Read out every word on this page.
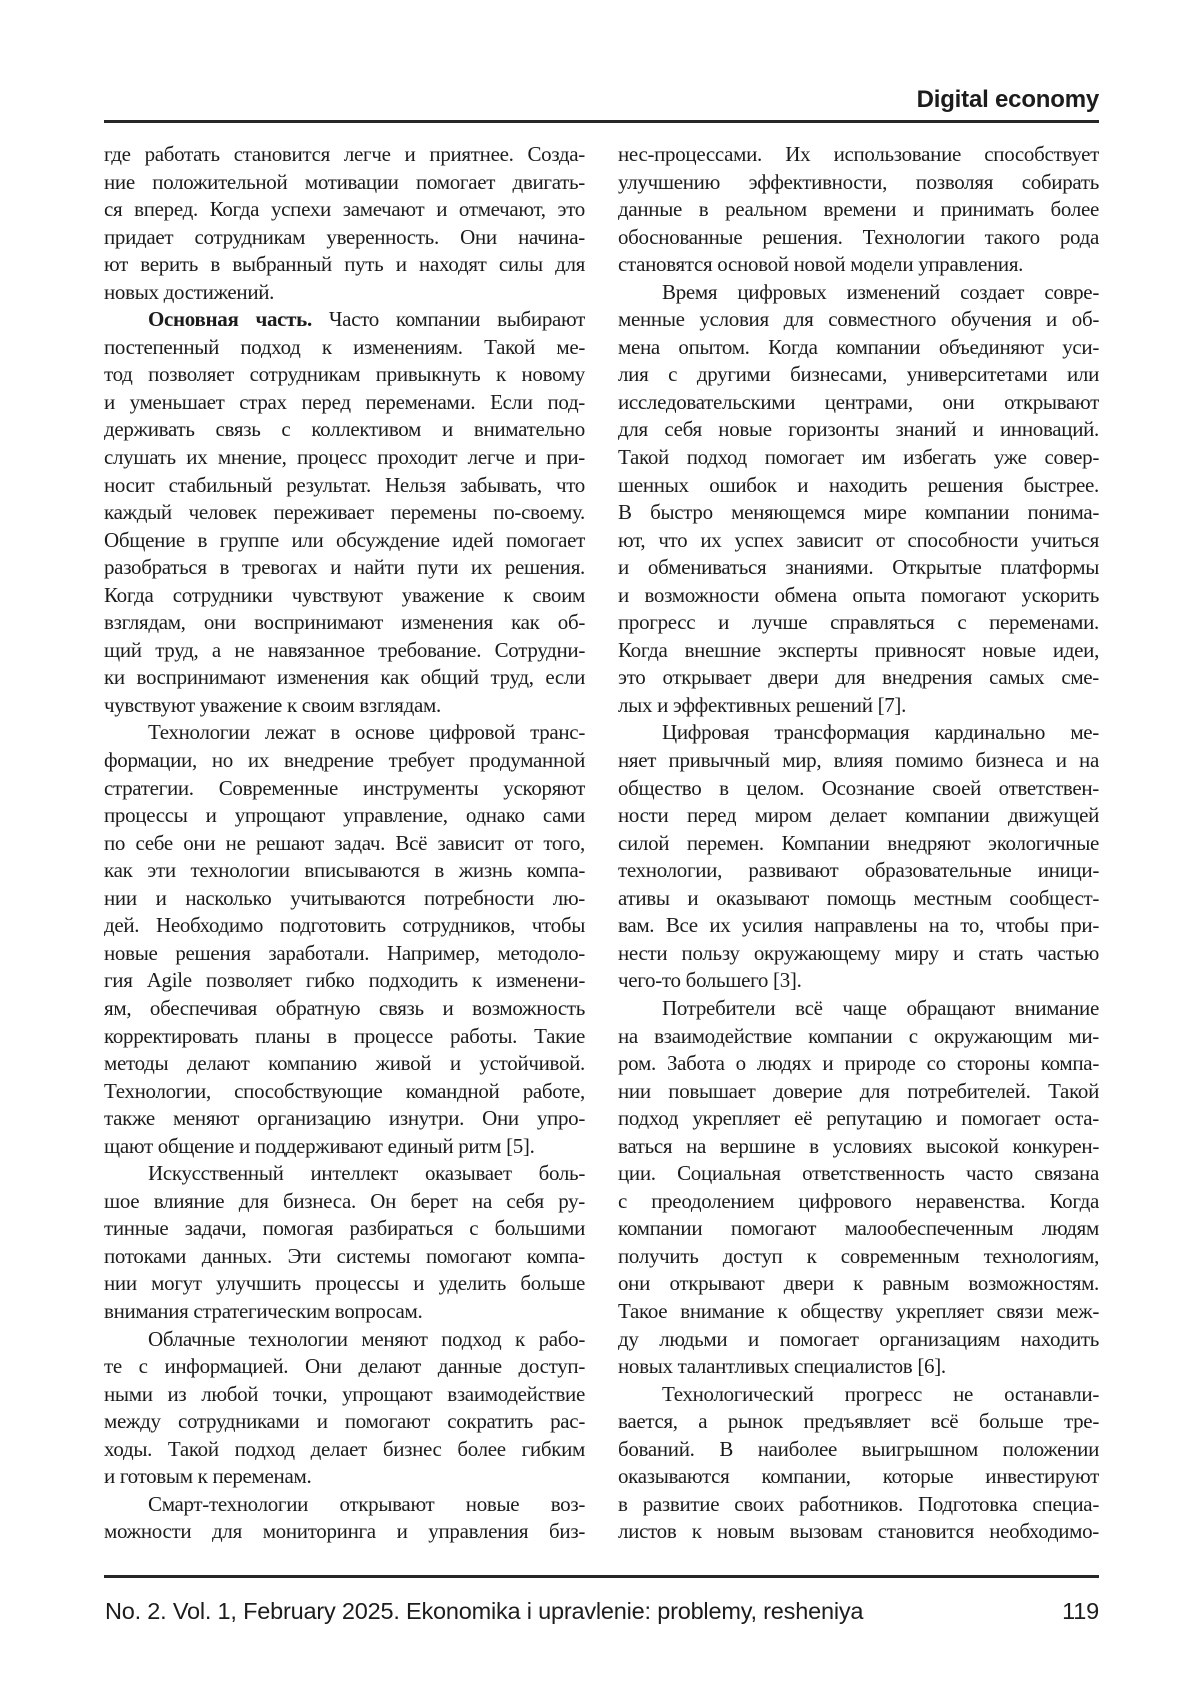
Digital economy
где работать становится легче и приятнее. Созда-
ние положительной мотивации помогает двигать-
ся вперед. Когда успехи замечают и отмечают, это
придает сотрудникам уверенность. Они начина-
ют верить в выбранный путь и находят силы для
новых достижений.
Основная часть. Часто компании выбирают
постепенный подход к изменениям. Такой ме-
тод позволяет сотрудникам привыкнуть к новому
и уменьшает страх перед переменами. Если под-
держивать связь с коллективом и внимательно
слушать их мнение, процесс проходит легче и при-
носит стабильный результат. Нельзя забывать, что
каждый человек переживает перемены по-своему.
Общение в группе или обсуждение идей помогает
разобраться в тревогах и найти пути их решения.
Когда сотрудники чувствуют уважение к своим
взглядам, они воспринимают изменения как об-
щий труд, а не навязанное требование. Сотрудни-
ки воспринимают изменения как общий труд, если
чувствуют уважение к своим взглядам.
Технологии лежат в основе цифровой транс-
формации, но их внедрение требует продуманной
стратегии. Современные инструменты ускоряют
процессы и упрощают управление, однако сами
по себе они не решают задач. Всё зависит от того,
как эти технологии вписываются в жизнь компа-
нии и насколько учитываются потребности лю-
дей. Необходимо подготовить сотрудников, чтобы
новые решения заработали. Например, методоло-
гия Agile позволяет гибко подходить к изменени-
ям, обеспечивая обратную связь и возможность
корректировать планы в процессе работы. Такие
методы делают компанию живой и устойчивой.
Технологии, способствующие командной работе,
также меняют организацию изнутри. Они упро-
щают общение и поддерживают единый ритм [5].
Искусственный интеллект оказывает боль-
шое влияние для бизнеса. Он берет на себя ру-
тинные задачи, помогая разбираться с большими
потоками данных. Эти системы помогают компа-
нии могут улучшить процессы и уделить больше
внимания стратегическим вопросам.
Облачные технологии меняют подход к рабо-
те с информацией. Они делают данные доступ-
ными из любой точки, упрощают взаимодействие
между сотрудниками и помогают сократить рас-
ходы. Такой подход делает бизнес более гибким
и готовым к переменам.
Смарт-технологии открывают новые воз-
можности для мониторинга и управления биз-
нес-процессами. Их использование способствует
улучшению эффективности, позволяя собирать
данные в реальном времени и принимать более
обоснованные решения. Технологии такого рода
становятся основой новой модели управления.
Время цифровых изменений создает совре-
менные условия для совместного обучения и об-
мена опытом. Когда компании объединяют уси-
лия с другими бизнесами, университетами или
исследовательскими центрами, они открывают
для себя новые горизонты знаний и инноваций.
Такой подход помогает им избегать уже совер-
шенных ошибок и находить решения быстрее.
В быстро меняющемся мире компании понима-
ют, что их успех зависит от способности учиться
и обмениваться знаниями. Открытые платформы
и возможности обмена опыта помогают ускорить
прогресс и лучше справляться с переменами.
Когда внешние эксперты привносят новые идеи,
это открывает двери для внедрения самых сме-
лых и эффективных решений [7].
Цифровая трансформация кардинально ме-
няет привычный мир, влияя помимо бизнеса и на
общество в целом. Осознание своей ответствен-
ности перед миром делает компании движущей
силой перемен. Компании внедряют экологичные
технологии, развивают образовательные иници-
ативы и оказывают помощь местным сообщест-
вам. Все их усилия направлены на то, чтобы при-
нести пользу окружающему миру и стать частью
чего-то большего [3].
Потребители всё чаще обращают внимание
на взаимодействие компании с окружающим ми-
ром. Забота о людях и природе со стороны компа-
нии повышает доверие для потребителей. Такой
подход укрепляет её репутацию и помогает оста-
ваться на вершине в условиях высокой конкурен-
ции. Социальная ответственность часто связана
с преодолением цифрового неравенства. Когда
компании помогают малообеспеченным людям
получить доступ к современным технологиям,
они открывают двери к равным возможностям.
Такое внимание к обществу укрепляет связи меж-
ду людьми и помогает организациям находить
новых талантливых специалистов [6].
Технологический прогресс не останавли-
вается, а рынок предъявляет всё больше тре-
бований. В наиболее выигрышном положении
оказываются компании, которые инвестируют
в развитие своих работников. Подготовка специа-
листов к новым вызовам становится необходимо-
No. 2. Vol. 1, February 2025. Ekonomika i upravlenie: problemy, resheniya	119
